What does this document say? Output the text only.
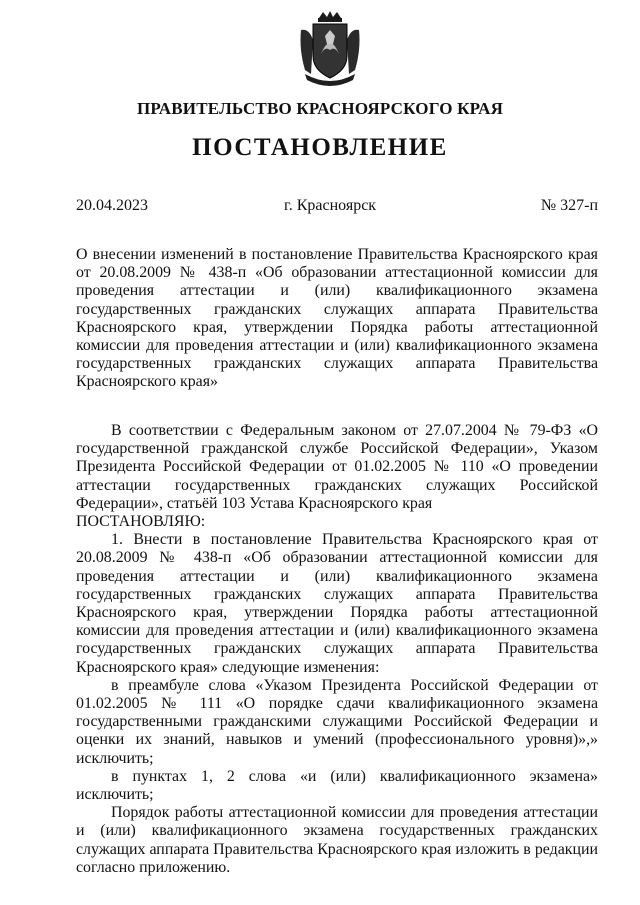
ПРАВИТЕЛЬСТВО КРАСНОЯРСКОГО КРАЯ
ПОСТАНОВЛЕНИЕ
20.04.2023	г. Красноярск	№ 327-п
О внесении изменений в постановление Правительства Красноярского края от 20.08.2009 № 438-п «Об образовании аттестационной комиссии для проведения аттестации и (или) квалификационного экзамена государственных гражданских служащих аппарата Правительства Красноярского края, утверждении Порядка работы аттестационной комиссии для проведения аттестации и (или) квалификационного экзамена государственных гражданских служащих аппарата Правительства Красноярского края»

В соответствии с Федеральным законом от 27.07.2004 № 79-ФЗ «О государственной гражданской службе Российской Федерации», Указом Президента Российской Федерации от 01.02.2005 № 110 «О проведении аттестации государственных гражданских служащих Российской Федерации», статьёй 103 Устава Красноярского края

ПОСТАНОВЛЯЮ:

1. Внести в постановление Правительства Красноярского края от 20.08.2009 № 438-п «Об образовании аттестационной комиссии для проведения аттестации и (или) квалификационного экзамена государственных гражданских служащих аппарата Правительства Красноярского края, утверждении Порядка работы аттестационной комиссии для проведения аттестации и (или) квалификационного экзамена государственных гражданских служащих аппарата Правительства Красноярского края» следующие изменения:

в преамбуле слова «Указом Президента Российской Федерации от 01.02.2005 № 111 «О порядке сдачи квалификационного экзамена государственными гражданскими служащими Российской Федерации и оценки их знаний, навыков и умений (профессионального уровня)»,» исключить;

в пунктах 1, 2 слова «и (или) квалификационного экзамена» исключить;

Порядок работы аттестационной комиссии для проведения аттестации и (или) квалификационного экзамена государственных гражданских служащих аппарата Правительства Красноярского края изложить в редакции согласно приложению.
